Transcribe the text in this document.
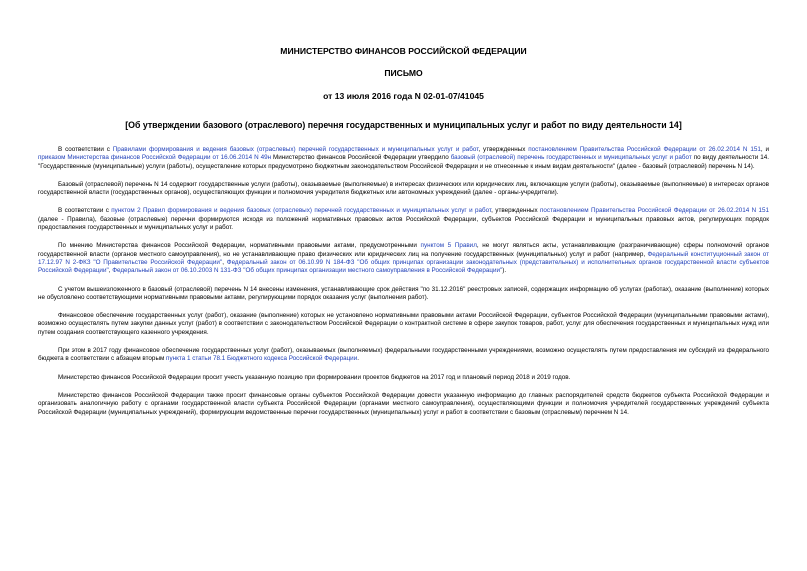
МИНИСТЕРСТВО ФИНАНСОВ РОССИЙСКОЙ ФЕДЕРАЦИИ
ПИСЬМО
от 13 июля 2016 года N 02-01-07/41045
[Об утверждении базового (отраслевого) перечня государственных и муниципальных услуг и работ по виду деятельности 14]

В соответствии с Правилами формирования и ведения базовых (отраслевых) перечней государственных и муниципальных услуг и работ, утвержденных постановлением Правительства Российской Федерации от 26.02.2014 N 151, и приказом Министерства финансов Российской Федерации от 16.06.2014 N 49н Министерство финансов Российской Федерации утвердило базовый (отраслевой) перечень государственных и муниципальных услуг и работ по виду деятельности 14. "Государственные (муниципальные) услуги (работы), осуществление которых предусмотрено бюджетным законодательством Российской Федерации и не отнесенные к иным видам деятельности" (далее - базовый (отраслевой) перечень N 14).

Базовый (отраслевой) перечень N 14 содержит государственные услуги (работы), оказываемые (выполняемые) в интересах физических или юридических лиц, включающие услуги (работы), оказываемые (выполняемые) в интересах органов государственной власти (государственных органов), осуществляющих функции и полномочия учредителя бюджетных или автономных учреждений (далее - органы-учредители).

В соответствии с пунктом 2 Правил формирования и ведения базовых (отраслевых) перечней государственных и муниципальных услуг и работ, утвержденных постановлением Правительства Российской Федерации от 26.02.2014 N 151 (далее - Правила), базовые (отраслевые) перечни формируются исходя из положений нормативных правовых актов Российской Федерации, субъектов Российской Федерации и муниципальных правовых актов, регулирующих порядок предоставления государственных и муниципальных услуг и работ.

По мнению Министерства финансов Российской Федерации, нормативными правовыми актами, предусмотренными пунктом 5 Правил, не могут являться акты, устанавливающие (разграничивающие) сферы полномочий органов государственной власти (органов местного самоуправления), но не устанавливающие право физических или юридических лиц на получение государственных (муниципальных) услуг и работ (например, Федеральный конституционный закон от 17.12.97 N 2-ФКЗ "О Правительстве Российской Федерации", Федеральный закон от 06.10.99 N 184-ФЗ "Об общих принципах организации законодательных (представительных) и исполнительных органов государственной власти субъектов Российской Федерации", Федеральный закон от 06.10.2003 N 131-ФЗ "Об общих принципах организации местного самоуправления в Российской Федерации").

С учетом вышеизложенного в базовый (отраслевой) перечень N 14 внесены изменения, устанавливающие срок действия "по 31.12.2016" реестровых записей, содержащих информацию об услугах (работах), оказание (выполнение) которых не обусловлено соответствующими нормативными правовыми актами, регулирующими порядок оказания услуг (выполнения работ).

Финансовое обеспечение государственных услуг (работ), оказание (выполнение) которых не установлено нормативными правовыми актами Российской Федерации, субъектов Российской Федерации (муниципальными правовыми актами), возможно осуществлять путем закупки данных услуг (работ) в соответствии с законодательством Российской Федерации о контрактной системе в сфере закупок товаров, работ, услуг для обеспечения государственных и муниципальных нужд или путем создания соответствующего казенного учреждения.

При этом в 2017 году финансовое обеспечение государственных услуг (работ), оказываемых (выполняемых) федеральными государственными учреждениями, возможно осуществлять путем предоставления им субсидий из федерального бюджета в соответствии с абзацем вторым пункта 1 статьи 78.1 Бюджетного кодекса Российской Федерации.

Министерство финансов Российской Федерации просит учесть указанную позицию при формировании проектов бюджетов на 2017 год и плановый период 2018 и 2019 годов.

Министерство финансов Российской Федерации также просит финансовые органы субъектов Российской Федерации довести указанную информацию до главных распорядителей средств бюджетов субъекта Российской Федерации и организовать аналогичную работу с органами государственной власти субъекта Российской Федерации (органами местного самоуправления), осуществляющими функции и полномочия учредителей государственных учреждений субъекта Российской Федерации (муниципальных учреждений), формирующим ведомственные перечни государственных (муниципальных) услуг и работ в соответствии с базовым (отраслевым) перечнем N 14.
